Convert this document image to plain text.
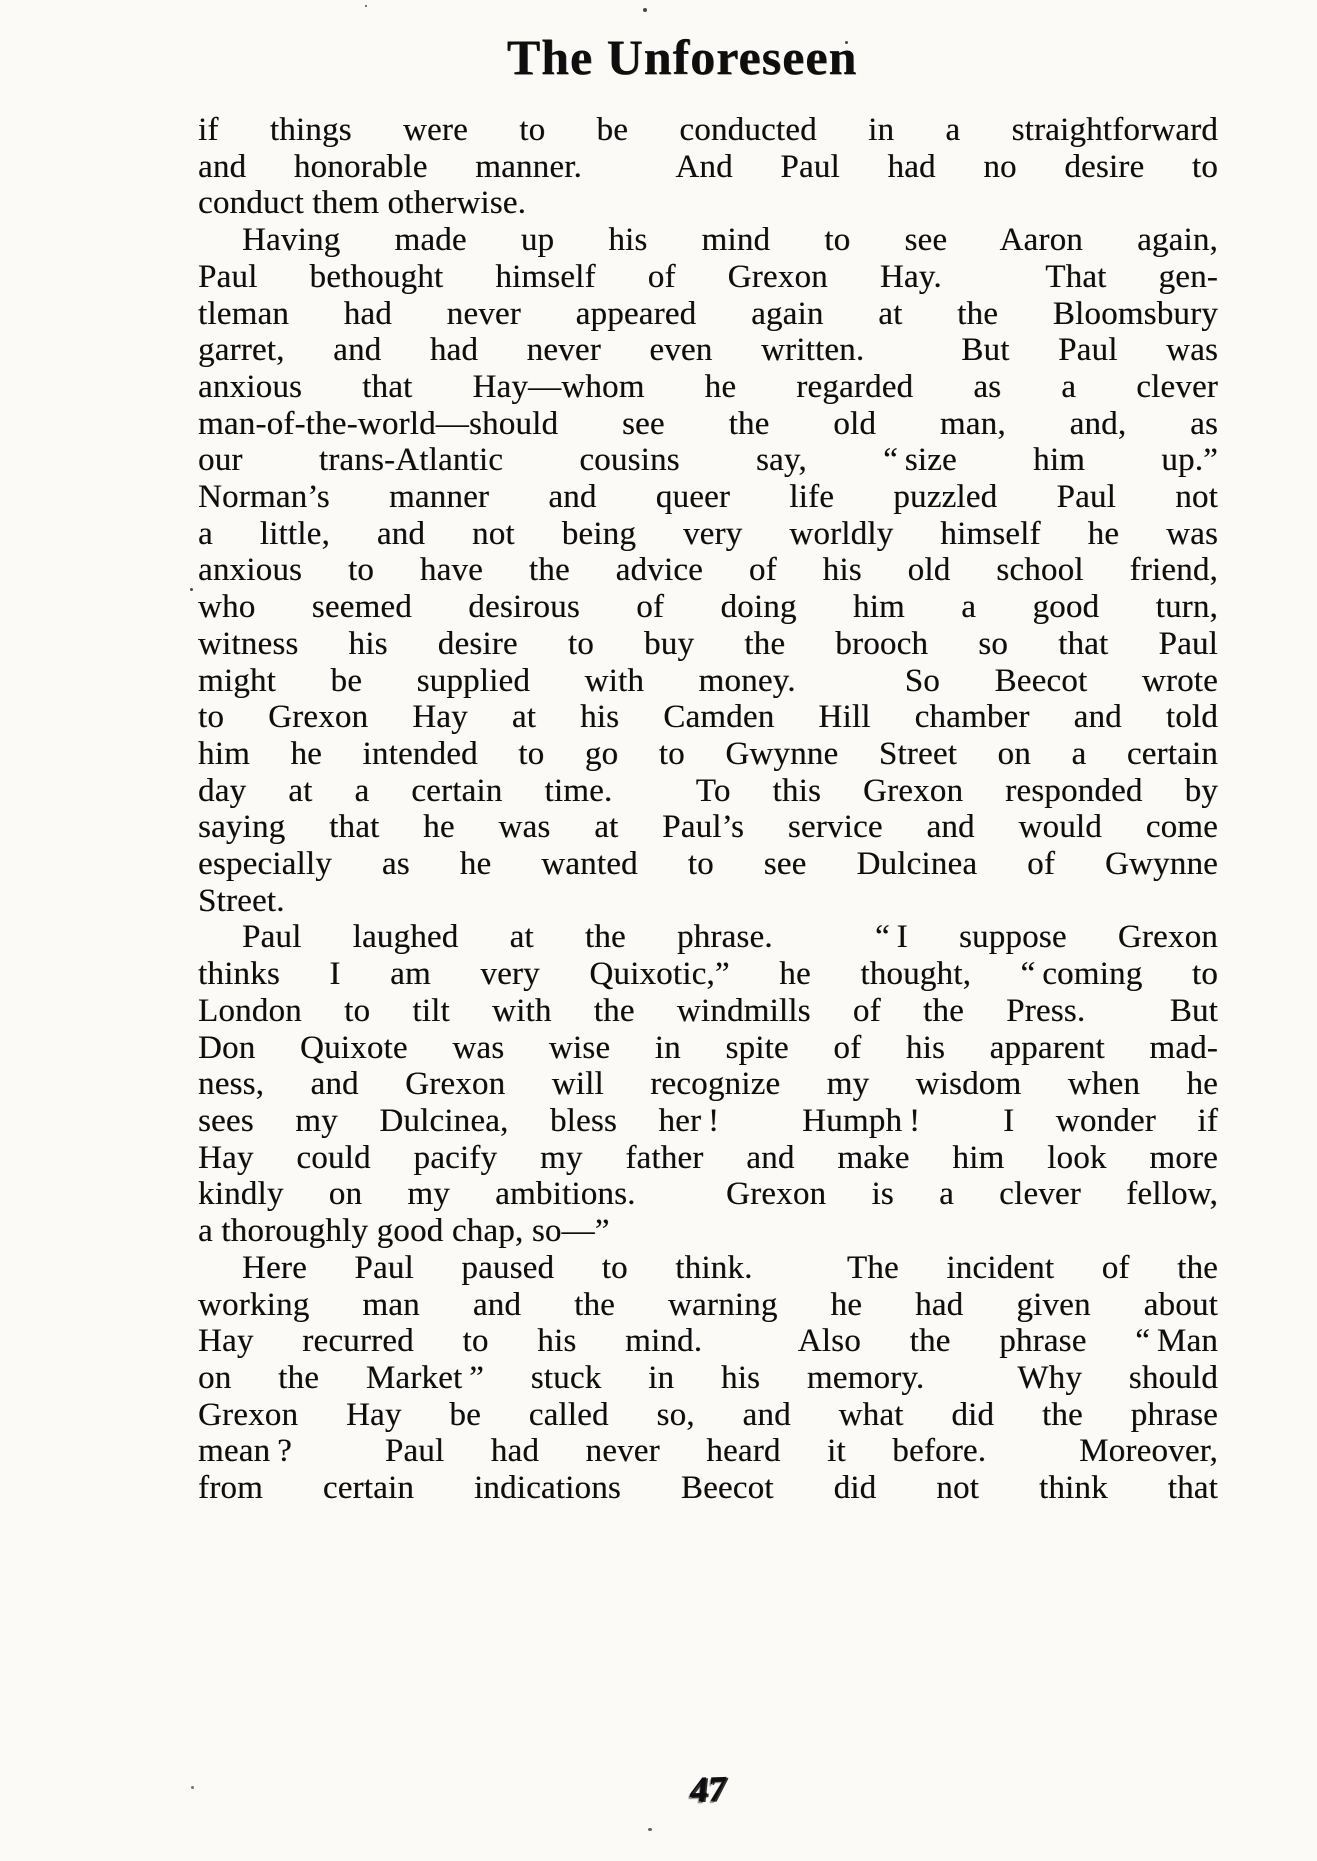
The Unforeseen
if things were to be conducted in a straightforward
and honorable manner.  And Paul had no desire to
conduct them otherwise.
Having made up his mind to see Aaron again,
Paul bethought himself of Grexon Hay.  That gen-
tleman had never appeared again at the Bloomsbury
garret, and had never even written.  But Paul was
anxious that Hay—whom he regarded as a clever
man-of-the-world—should see the old man, and, as
our trans-Atlantic cousins say, “ size him up.”
Norman’s manner and queer life puzzled Paul not
a little, and not being very worldly himself he was
anxious to have the advice of his old school friend,
who seemed desirous of doing him a good turn,
witness his desire to buy the brooch so that Paul
might be supplied with money.  So Beecot wrote
to Grexon Hay at his Camden Hill chamber and told
him he intended to go to Gwynne Street on a certain
day at a certain time.  To this Grexon responded by
saying that he was at Paul’s service and would come
especially as he wanted to see Dulcinea of Gwynne
Street.
Paul laughed at the phrase.  “ I suppose Grexon
thinks I am very Quixotic,” he thought, “ coming to
London to tilt with the windmills of the Press.  But
Don Quixote was wise in spite of his apparent mad-
ness, and Grexon will recognize my wisdom when he
sees my Dulcinea, bless her !  Humph !  I wonder if
Hay could pacify my father and make him look more
kindly on my ambitions.  Grexon is a clever fellow,
a thoroughly good chap, so—”
Here Paul paused to think.  The incident of the
working man and the warning he had given about
Hay recurred to his mind.  Also the phrase “ Man
on the Market ” stuck in his memory.  Why should
Grexon Hay be called so, and what did the phrase
mean ?  Paul had never heard it before.  Moreover,
from certain indications Beecot did not think that
47
